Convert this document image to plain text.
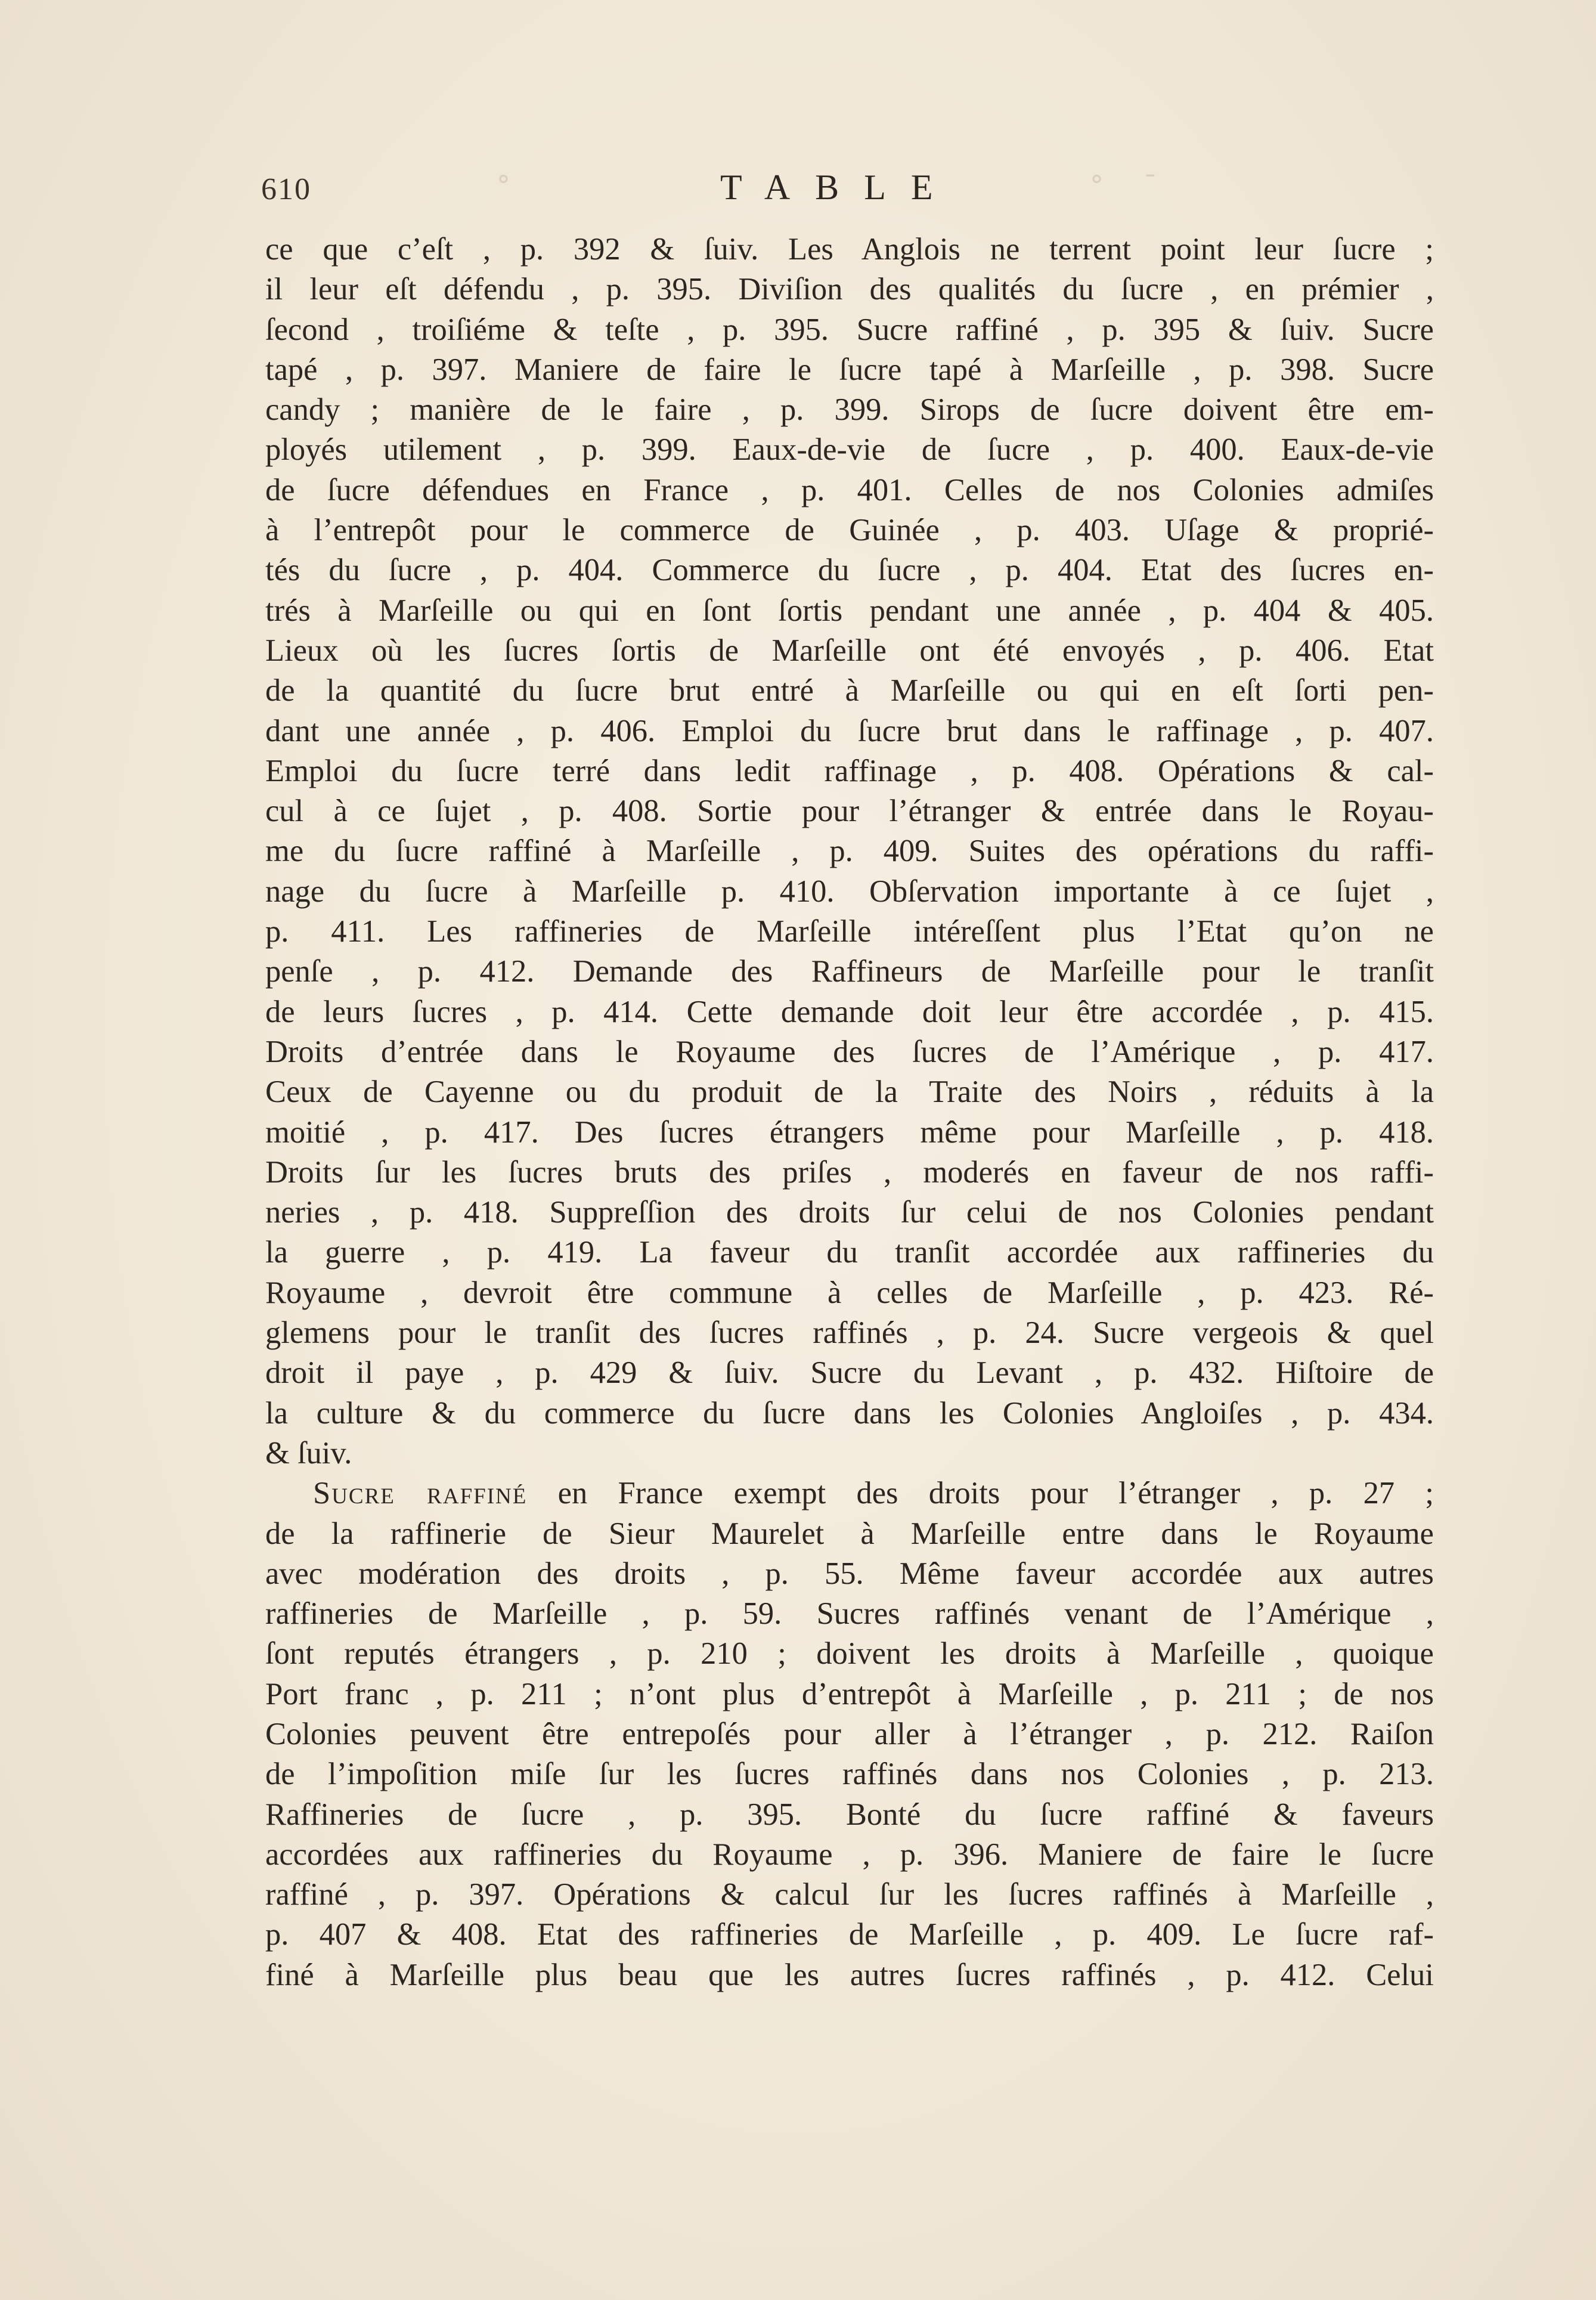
610	TABLE
°	° ¯
ce que c’eſt , p. 392 & ſuiv. Les Anglois ne terrent point leur ſucre ;
il leur eſt défendu , p. 395. Diviſion des qualités du ſucre , en prémier ,
ſecond , troiſiéme & teſte , p. 395. Sucre raffiné , p. 395 & ſuiv. Sucre
tapé , p. 397. Maniere de faire le ſucre tapé à Marſeille , p. 398. Sucre
candy ; manière de le faire , p. 399. Sirops de ſucre doivent être em-
ployés utilement , p. 399. Eaux-de-vie de ſucre , p. 400. Eaux-de-vie
de ſucre défendues en France , p. 401. Celles de nos Colonies admiſes
à l’entrepôt pour le commerce de Guinée , p. 403. Uſage & proprié-
tés du ſucre , p. 404. Commerce du ſucre , p. 404. Etat des ſucres en-
trés à Marſeille ou qui en ſont ſortis pendant une année , p. 404 & 405.
Lieux où les ſucres ſortis de Marſeille ont été envoyés , p. 406. Etat
de la quantité du ſucre brut entré à Marſeille ou qui en eſt ſorti pen-
dant une année , p. 406. Emploi du ſucre brut dans le raffinage , p. 407.
Emploi du ſucre terré dans ledit raffinage , p. 408. Opérations & cal-
cul à ce ſujet , p. 408. Sortie pour l’étranger & entrée dans le Royau-
me du ſucre raffiné à Marſeille , p. 409. Suites des opérations du raffi-
nage du ſucre à Marſeille p. 410. Obſervation importante à ce ſujet ,
p. 411. Les raffineries de Marſeille intéreſſent plus l’Etat qu’on ne
penſe , p. 412. Demande des Raffineurs de Marſeille pour le tranſit
de leurs ſucres , p. 414. Cette demande doit leur être accordée , p. 415.
Droits d’entrée dans le Royaume des ſucres de l’Amérique , p. 417.
Ceux de Cayenne ou du produit de la Traite des Noirs , réduits à la
moitié , p. 417. Des ſucres étrangers même pour Marſeille , p. 418.
Droits ſur les ſucres bruts des priſes , moderés en faveur de nos raffi-
neries , p. 418. Suppreſſion des droits ſur celui de nos Colonies pendant
la guerre , p. 419. La faveur du tranſit accordée aux raffineries du
Royaume , devroit être commune à celles de Marſeille , p. 423. Ré-
glemens pour le tranſit des ſucres raffinés , p. 24. Sucre vergeois & quel
droit il paye , p. 429 & ſuiv. Sucre du Levant , p. 432. Hiſtoire de
la culture & du commerce du ſucre dans les Colonies Angloiſes , p. 434.
& ſuiv.
Sucre raffiné en France exempt des droits pour l’étranger , p. 27 ;
de la raffinerie de Sieur Maurelet à Marſeille entre dans le Royaume
avec modération des droits , p. 55. Même faveur accordée aux autres
raffineries de Marſeille , p. 59. Sucres raffinés venant de l’Amérique ,
ſont reputés étrangers , p. 210 ; doivent les droits à Marſeille , quoique
Port franc , p. 211 ; n’ont plus d’entrepôt à Marſeille , p. 211 ; de nos
Colonies peuvent être entrepoſés pour aller à l’étranger , p. 212. Raiſon
de l’impoſition miſe ſur les ſucres raffinés dans nos Colonies , p. 213.
Raffineries de ſucre , p. 395. Bonté du ſucre raffiné & faveurs
accordées aux raffineries du Royaume , p. 396. Maniere de faire le ſucre
raffiné , p. 397. Opérations & calcul ſur les ſucres raffinés à Marſeille ,
p. 407 & 408. Etat des raffineries de Marſeille , p. 409. Le ſucre raf-
finé à Marſeille plus beau que les autres ſucres raffinés , p. 412. Celui
